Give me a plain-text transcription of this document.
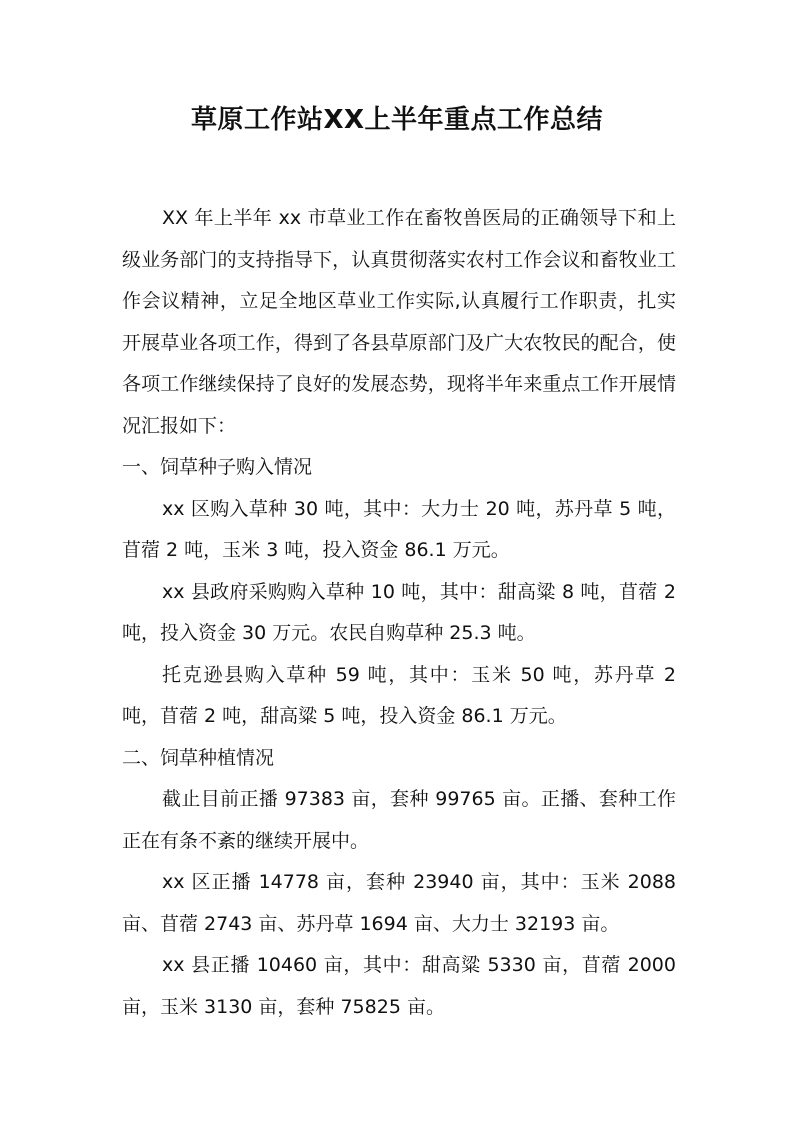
草原工作站XX上半年重点工作总结

XX 年上半年 xx 市草业工作在畜牧兽医局的正确领导下和上级业务部门的支持指导下，认真贯彻落实农村工作会议和畜牧业工作会议精神，立足全地区草业工作实际,认真履行工作职责，扎实开展草业各项工作，得到了各县草原部门及广大农牧民的配合，使各项工作继续保持了良好的发展态势，现将半年来重点工作开展情况汇报如下：

一、饲草种子购入情况

xx 区购入草种 30 吨，其中：大力士 20 吨，苏丹草 5 吨，苜蓿 2 吨，玉米 3 吨，投入资金 86.1 万元。

xx 县政府采购购入草种 10 吨，其中：甜高粱 8 吨，苜蓿 2 吨，投入资金 30 万元。农民自购草种 25.3 吨。

托克逊县购入草种 59 吨，其中：玉米 50 吨，苏丹草 2 吨，苜蓿 2 吨，甜高粱 5 吨，投入资金 86.1 万元。

二、饲草种植情况

截止目前正播 97383 亩，套种 99765 亩。正播、套种工作正在有条不紊的继续开展中。

xx 区正播 14778 亩，套种 23940 亩，其中：玉米 2088 亩、苜蓿 2743 亩、苏丹草 1694 亩、大力士 32193 亩。

xx 县正播 10460 亩，其中：甜高粱 5330 亩，苜蓿 2000 亩，玉米 3130 亩，套种 75825 亩。
